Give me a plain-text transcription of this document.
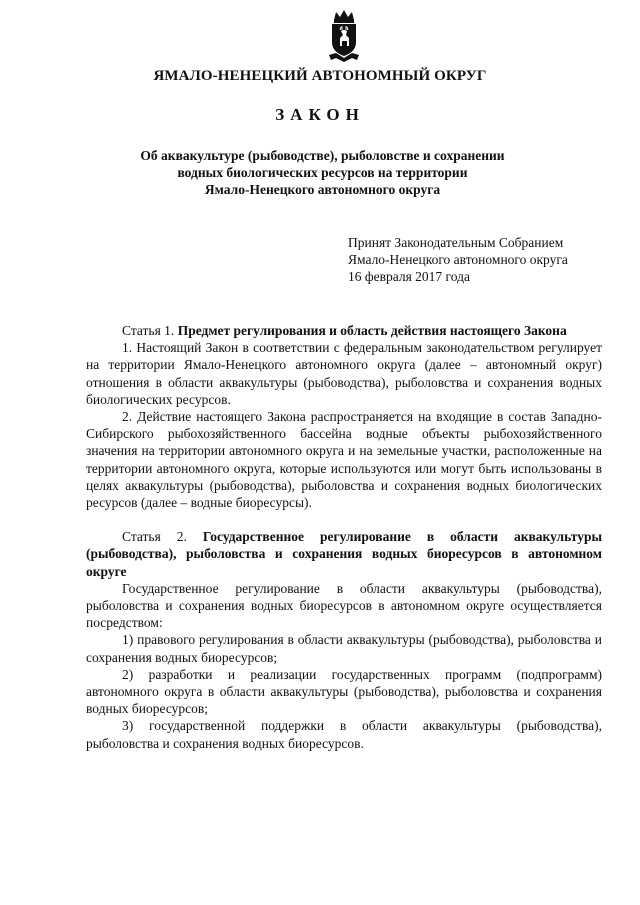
ЯМАЛО-НЕНЕЦКИЙ АВТОНОМНЫЙ ОКРУГ
ЗАКОН
Об аквакультуре (рыбоводстве), рыболовстве и сохранении
водных биологических ресурсов на территории
Ямало-Ненецкого автономного округа
Принят Законодательным Собранием
Ямало-Ненецкого автономного округа
16 февраля 2017 года

Статья 1. Предмет регулирования и область действия настоящего Закона

1. Настоящий Закон в соответствии с федеральным законодательством регулирует на территории Ямало-Ненецкого автономного округа (далее – автономный округ) отношения в области аквакультуры (рыбоводства), рыболовства и сохранения водных биологических ресурсов.

2. Действие настоящего Закона распространяется на входящие в состав Западно-Сибирского рыбохозяйственного бассейна водные объекты рыбохозяйственного значения на территории автономного округа и на земельные участки, расположенные на территории автономного округа, которые используются или могут быть использованы в целях аквакультуры (рыбоводства), рыболовства и сохранения водных биологических ресурсов (далее – водные биоресурсы).

Статья 2. Государственное регулирование в области аквакультуры (рыбоводства), рыболовства и сохранения водных биоресурсов в автономном округе

Государственное регулирование в области аквакультуры (рыбоводства), рыболовства и сохранения водных биоресурсов в автономном округе осуществляется посредством:

1) правового регулирования в области аквакультуры (рыбоводства), рыболовства и сохранения водных биоресурсов;

2) разработки и реализации государственных программ (подпрограмм) автономного округа в области аквакультуры (рыбоводства), рыболовства и сохранения водных биоресурсов;

3) государственной поддержки в области аквакультуры (рыбоводства), рыболовства и сохранения водных биоресурсов.
